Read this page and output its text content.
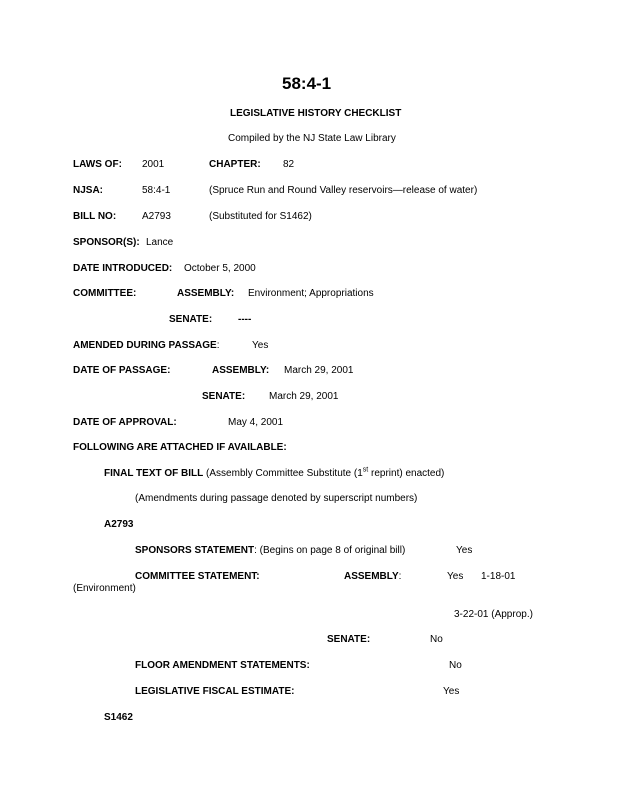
58:4-1
LEGISLATIVE HISTORY CHECKLIST
Compiled by the NJ State Law Library
LAWS OF: 2001	CHAPTER: 82
NJSA:	58:4-1	(Spruce Run and Round Valley reservoirs—release of water)
BILL NO:	A2793	(Substituted for S1462)
SPONSOR(S): Lance
DATE INTRODUCED: October 5, 2000
COMMITTEE:	ASSEMBLY: Environment; Appropriations
SENATE:	----
AMENDED DURING PASSAGE:	Yes
DATE OF PASSAGE:	ASSEMBLY: March 29, 2001
SENATE: March 29, 2001
DATE OF APPROVAL:	May 4, 2001
FOLLOWING ARE ATTACHED IF AVAILABLE:
FINAL TEXT OF BILL (Assembly Committee Substitute (1st reprint) enacted)
(Amendments during passage denoted by superscript numbers)
A2793
SPONSORS STATEMENT: (Begins on page 8 of original bill)	Yes
COMMITTEE STATEMENT:	ASSEMBLY:	Yes 1-18-01
(Environment)
3-22-01 (Approp.)
SENATE:	No
FLOOR AMENDMENT STATEMENTS:	No
LEGISLATIVE FISCAL ESTIMATE:	Yes
S1462
